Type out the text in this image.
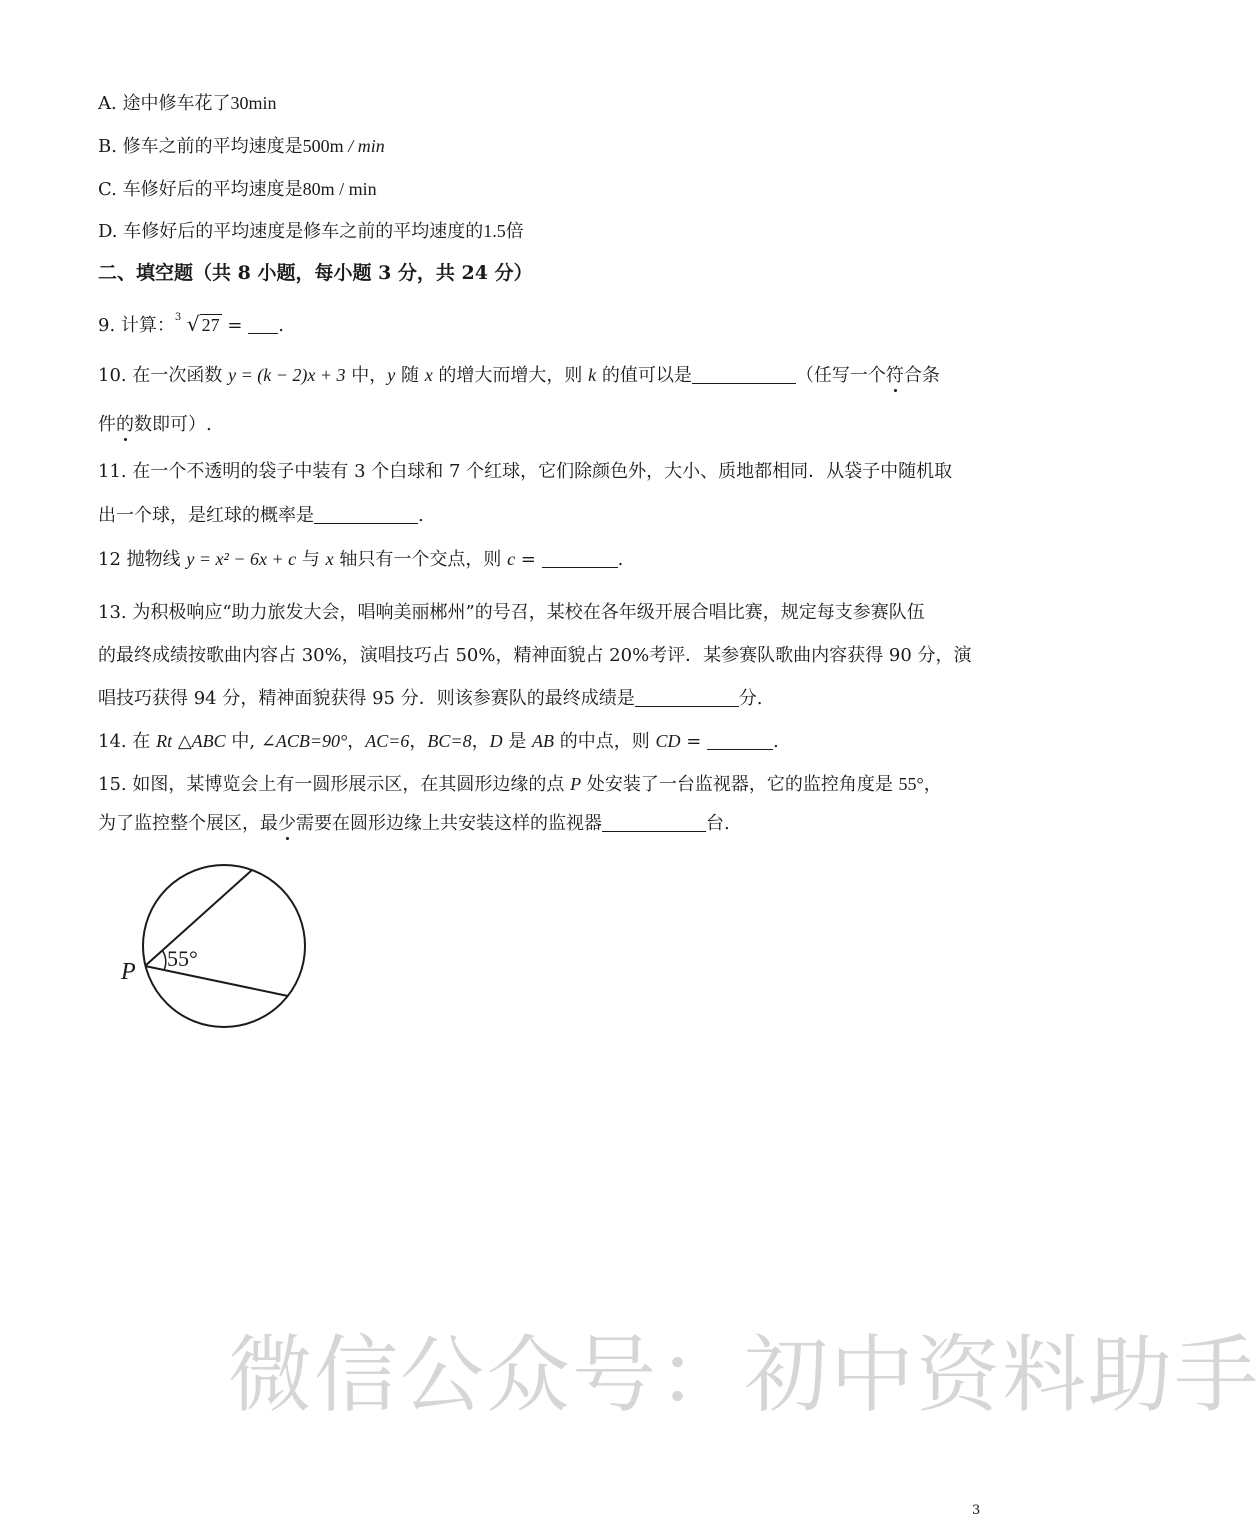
A. 途中修车花了30min
B. 修车之前的平均速度是500m / min
C. 车修好后的平均速度是80m / min
D. 车修好后的平均速度是修车之前的平均速度的1.5倍
二、填空题（共 8 小题，每小题 3 分，共 24 分）
9. 计算： 3 √ 27 = .
10. 在一次函数 y = (k − 2)x + 3 中，y 随 x 的增大而增大，则 k 的值可以是	（任写一个符合条
件的数即可）.
11. 在一个不透明的袋子中装有 3 个白球和 7 个红球，它们除颜色外，大小、质地都相同．从袋子中随机取
出一个球，是红球的概率是	.
12 抛物线 y = x² − 6x + c 与 x 轴只有一个交点，则 c =	.
13. 为积极响应“助力旅发大会，唱响美丽郴州”的号召，某校在各年级开展合唱比赛，规定每支参赛队伍
的最终成绩按歌曲内容占 30%，演唱技巧占 50%，精神面貌占 20%考评．某参赛队歌曲内容获得 90 分，演
唱技巧获得 94 分，精神面貌获得 95 分．则该参赛队的最终成绩是	分.
14. 在 Rt △ABC 中, ∠ACB=90°，AC=6，BC=8，D 是 AB 的中点，则 CD =	.
15. 如图，某博览会上有一圆形展示区，在其圆形边缘的点 P 处安装了一台监视器，它的监控角度是 55°，
为了监控整个展区，最少需要在圆形边缘上共安装这样的监视器	台.
P
55°
微信公众号：初中资料助手
3
